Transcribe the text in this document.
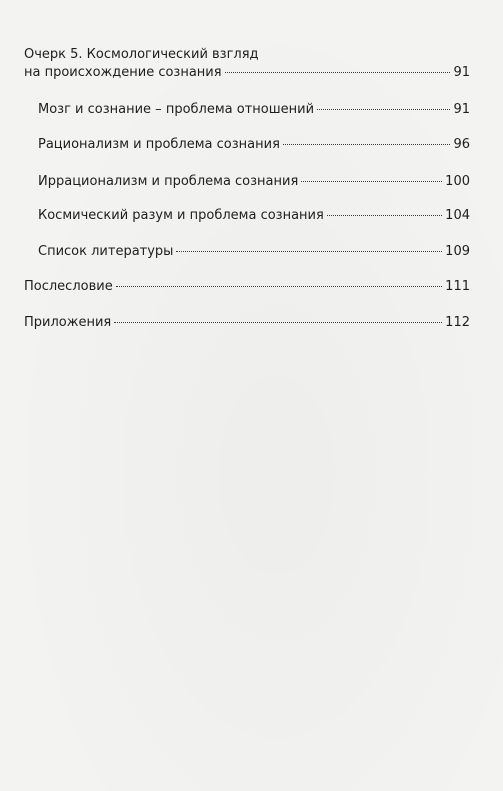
Очерк 5. Космологический взгляд
на происхождение сознания	91
Мозг и сознание – проблема отношений	91
Рационализм и проблема сознания	96
Иррационализм и проблема сознания	100
Космический разум и проблема сознания	104
Список литературы	109
Послесловие	111
Приложения	112
